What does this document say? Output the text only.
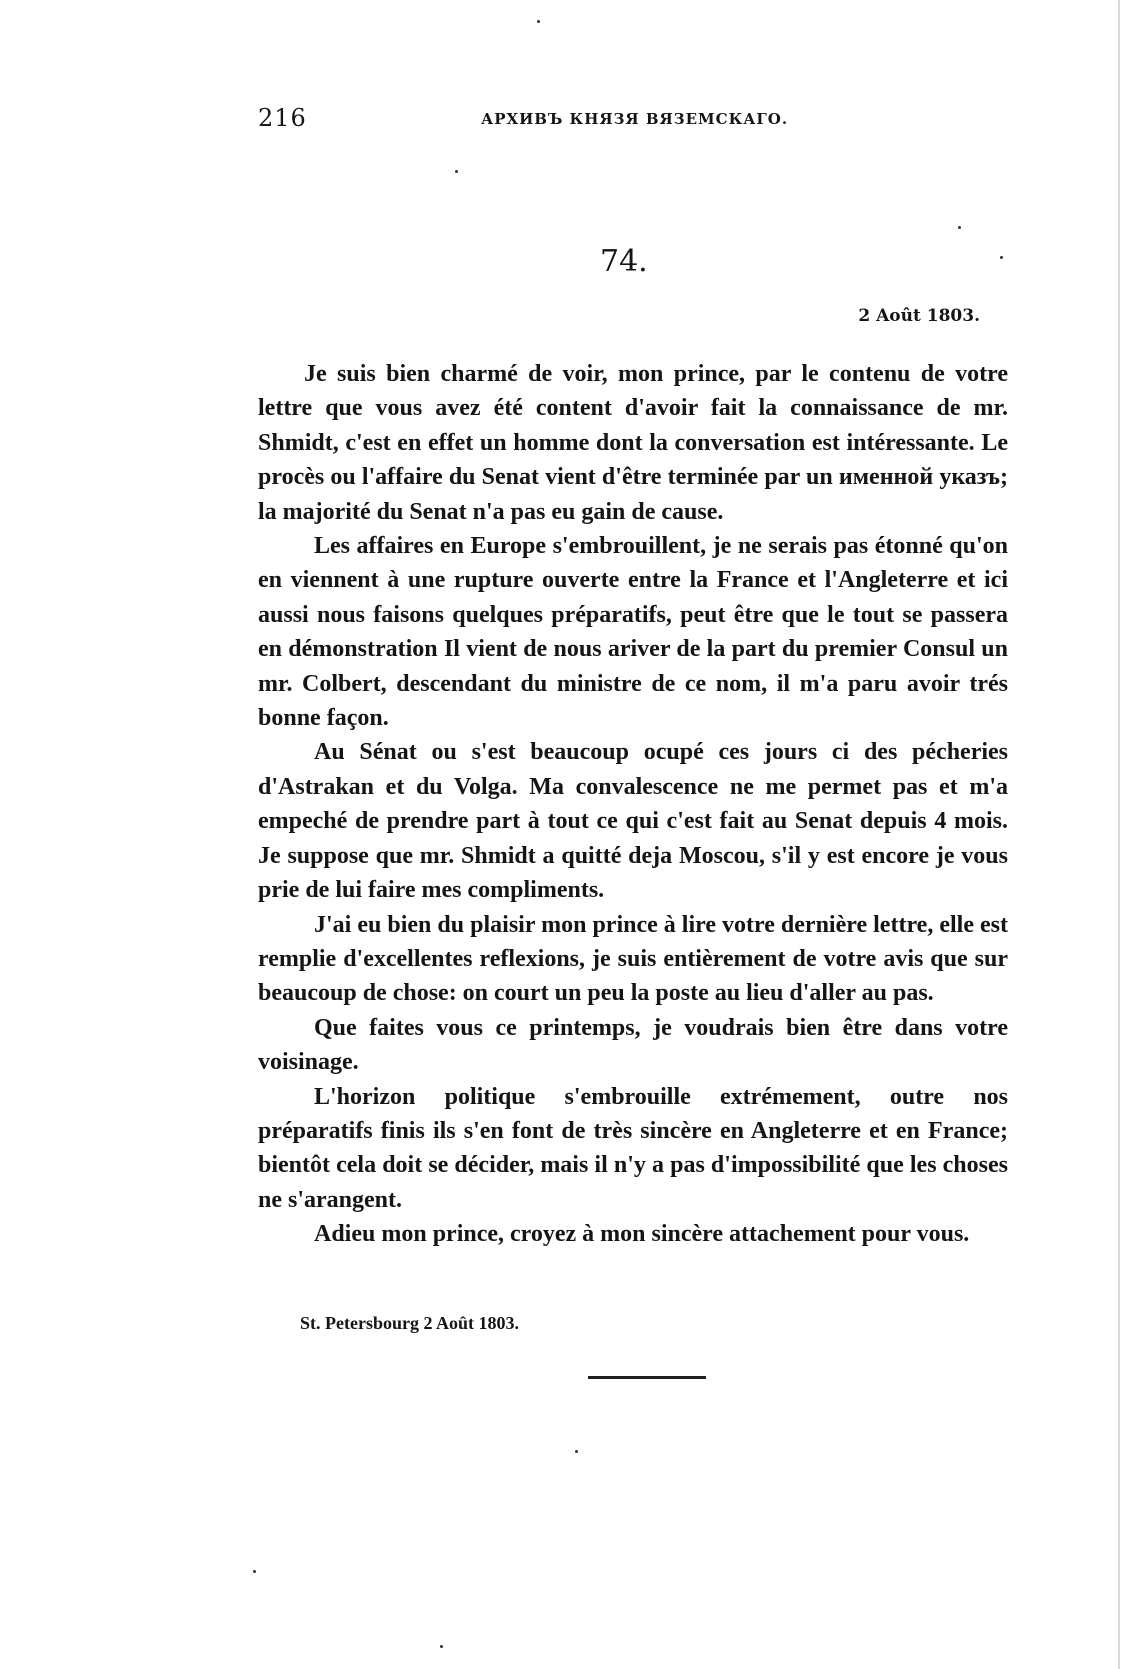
216	АРХИВЪ КНЯЗЯ ВЯЗЕМСКАГО.
74.
2 Août 1803.

Je suis bien charmé de voir, mon prince, par le contenu de votre lettre que vous avez été content d'avoir fait la connaissance de mr. Shmidt, c'est en effet un homme dont la conversation est intéressante. Le procès ou l'affaire du Senat vient d'être terminée par un именной указъ; la majorité du Senat n'a pas eu gain de cause.

Les affaires en Europe s'embrouillent, je ne serais pas étonné qu'on en viennent à une rupture ouverte entre la France et l'Angleterre et ici aussi nous faisons quelques préparatifs, peut être que le tout se passera en démonstration Il vient de nous ariver de la part du premier Consul un mr. Colbert, descendant du ministre de ce nom, il m'a paru avoir trés bonne façon.

Au Sénat ou s'est beaucoup ocupé ces jours ci des pécheries d'Astrakan et du Volga. Ma convalescence ne me permet pas et m'a empeché de prendre part à tout ce qui c'est fait au Senat depuis 4 mois. Je suppose que mr. Shmidt a quitté deja Moscou, s'il y est encore je vous prie de lui faire mes compliments.

J'ai eu bien du plaisir mon prince à lire votre dernière lettre, elle est remplie d'excellentes reflexions, je suis entièrement de votre avis que sur beaucoup de chose: on court un peu la poste au lieu d'aller au pas.

Que faites vous ce printemps, je voudrais bien être dans votre voisinage.

L'horizon politique s'embrouille extrémement, outre nos préparatifs finis ils s'en font de très sincère en Angleterre et en France; bientôt cela doit se décider, mais il n'y a pas d'impossibilité que les choses ne s'arangent.

Adieu mon prince, croyez à mon sincère attachement pour vous.

St. Petersbourg 2 Août 1803.
